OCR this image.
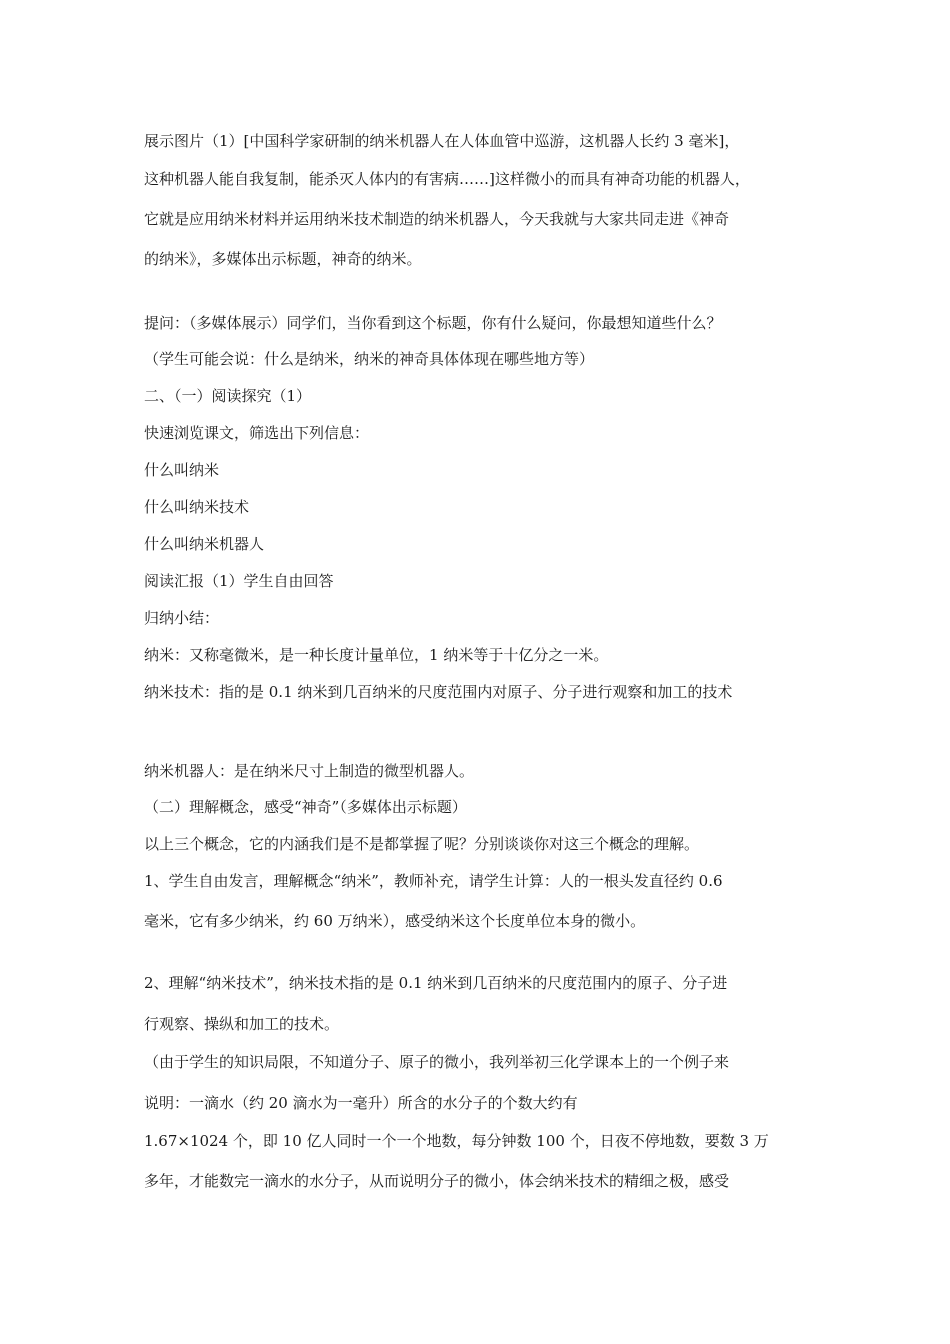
展示图片（1）[中国科学家研制的纳米机器人在人体血管中巡游，这机器人长约 3 毫米]，
这种机器人能自我复制，能杀灭人体内的有害病……]这样微小的而具有神奇功能的机器人，
它就是应用纳米材料并运用纳米技术制造的纳米机器人，今天我就与大家共同走进《神奇
的纳米》，多媒体出示标题，神奇的纳米。
提问：（多媒体展示）同学们，当你看到这个标题，你有什么疑问，你最想知道些什么？
（学生可能会说：什么是纳米，纳米的神奇具体体现在哪些地方等）
二、（一）阅读探究（1）
快速浏览课文，筛选出下列信息：
什么叫纳米
什么叫纳米技术
什么叫纳米机器人
阅读汇报（1）学生自由回答
归纳小结：
纳米：又称毫微米，是一种长度计量单位，1 纳米等于十亿分之一米。
纳米技术：指的是 0.1 纳米到几百纳米的尺度范围内对原子、分子进行观察和加工的技术
纳米机器人：是在纳米尺寸上制造的微型机器人。
（二）理解概念，感受“神奇”（多媒体出示标题）
以上三个概念，它的内涵我们是不是都掌握了呢？分别谈谈你对这三个概念的理解。
1、学生自由发言，理解概念“纳米”，教师补充，请学生计算：人的一根头发直径约 0.6
毫米，它有多少纳米，约 60 万纳米），感受纳米这个长度单位本身的微小。
2、理解“纳米技术”，纳米技术指的是 0.1 纳米到几百纳米的尺度范围内的原子、分子进
行观察、操纵和加工的技术。
（由于学生的知识局限，不知道分子、原子的微小，我列举初三化学课本上的一个例子来
说明：一滴水（约 20 滴水为一毫升）所含的水分子的个数大约有
1.67×1024 个，即 10 亿人同时一个一个地数，每分钟数 100 个，日夜不停地数，要数 3 万
多年，才能数完一滴水的水分子，从而说明分子的微小，体会纳米技术的精细之极，感受
